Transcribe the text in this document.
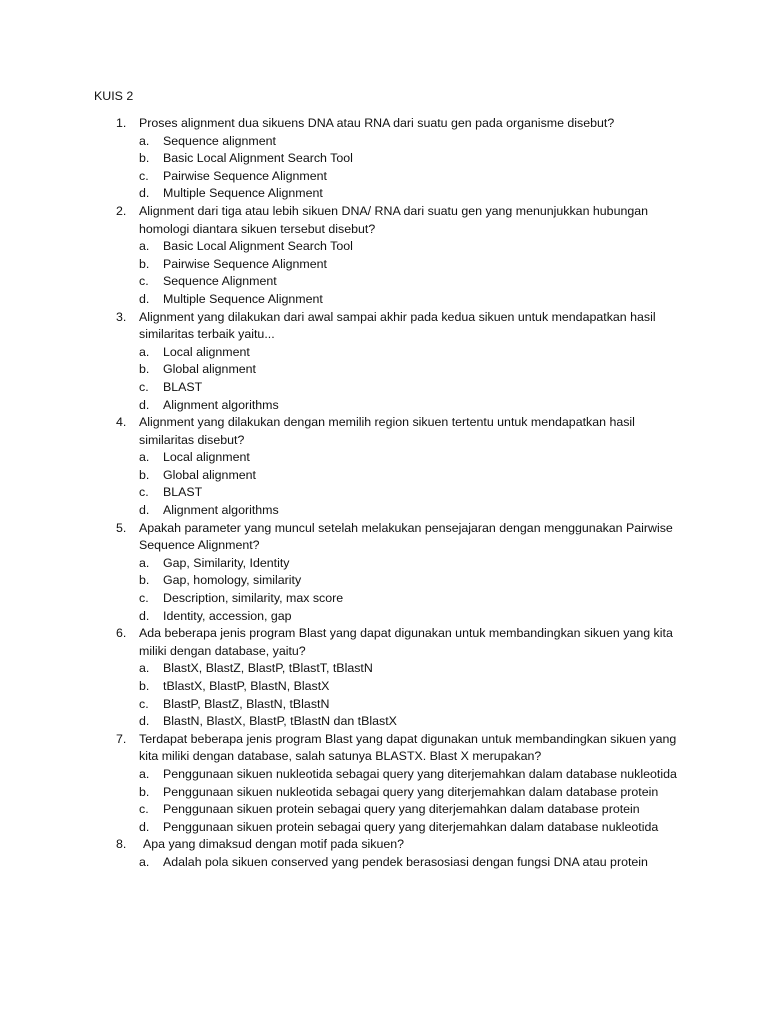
KUIS 2
1. Proses alignment dua sikuens DNA atau RNA dari suatu gen pada organisme disebut?
a. Sequence alignment
b. Basic Local Alignment Search Tool
c. Pairwise Sequence Alignment
d. Multiple Sequence Alignment
2. Alignment dari tiga atau lebih sikuen DNA/ RNA dari suatu gen yang menunjukkan hubungan homologi diantara sikuen tersebut disebut?
a. Basic Local Alignment Search Tool
b. Pairwise Sequence Alignment
c. Sequence Alignment
d. Multiple Sequence Alignment
3. Alignment yang dilakukan dari awal sampai akhir pada kedua sikuen untuk mendapatkan hasil similaritas terbaik yaitu...
a. Local alignment
b. Global alignment
c. BLAST
d. Alignment algorithms
4. Alignment yang dilakukan dengan memilih region sikuen tertentu untuk mendapatkan hasil similaritas disebut?
a. Local alignment
b. Global alignment
c. BLAST
d. Alignment algorithms
5. Apakah parameter yang muncul setelah melakukan pensejajaran dengan menggunakan Pairwise Sequence Alignment?
a. Gap, Similarity, Identity
b. Gap, homology, similarity
c. Description, similarity, max score
d. Identity, accession, gap
6. Ada beberapa jenis program Blast yang dapat digunakan untuk membandingkan sikuen yang kita miliki dengan database, yaitu?
a. BlastX, BlastZ, BlastP, tBlastT, tBlastN
b. tBlastX, BlastP, BlastN, BlastX
c. BlastP, BlastZ, BlastN, tBlastN
d. BlastN, BlastX, BlastP, tBlastN dan tBlastX
7. Terdapat beberapa jenis program Blast yang dapat digunakan untuk membandingkan sikuen yang kita miliki dengan database, salah satunya BLASTX. Blast X merupakan?
a. Penggunaan sikuen nukleotida sebagai query yang diterjemahkan dalam database nukleotida
b. Penggunaan sikuen nukleotida sebagai query yang diterjemahkan dalam database protein
c. Penggunaan sikuen protein sebagai query yang diterjemahkan dalam database protein
d. Penggunaan sikuen protein sebagai query yang diterjemahkan dalam database nukleotida
8.	Apa yang dimaksud dengan motif pada sikuen?
a. Adalah pola sikuen conserved yang pendek berasosiasi dengan fungsi DNA atau protein
